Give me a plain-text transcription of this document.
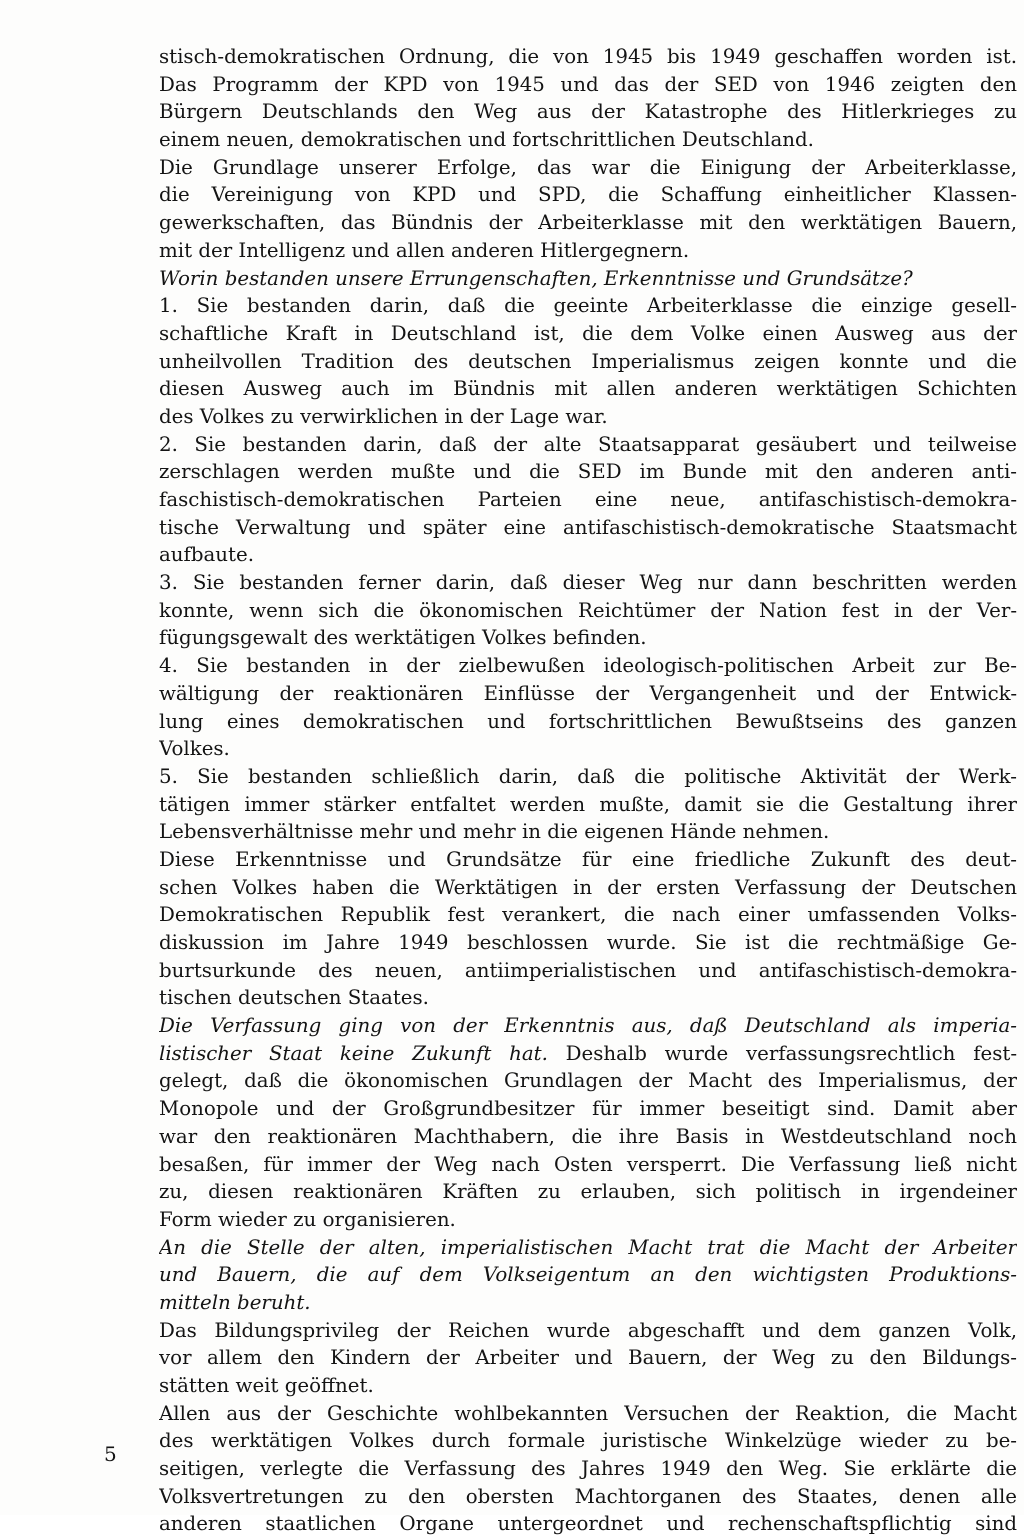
stisch-demokratischen Ordnung, die von 1945 bis 1949 geschaffen worden ist.
Das Programm der KPD von 1945 und das der SED von 1946 zeigten den
Bürgern Deutschlands den Weg aus der Katastrophe des Hitlerkrieges zu
einem neuen, demokratischen und fortschrittlichen Deutschland.
Die Grundlage unserer Erfolge, das war die Einigung der Arbeiterklasse,
die Vereinigung von KPD und SPD, die Schaffung einheitlicher Klassen-
gewerkschaften, das Bündnis der Arbeiterklasse mit den werktätigen Bauern,
mit der Intelligenz und allen anderen Hitlergegnern.
Worin bestanden unsere Errungenschaften, Erkenntnisse und Grundsätze?
1. Sie bestanden darin, daß die geeinte Arbeiterklasse die einzige gesell-
schaftliche Kraft in Deutschland ist, die dem Volke einen Ausweg aus der
unheilvollen Tradition des deutschen Imperialismus zeigen konnte und die
diesen Ausweg auch im Bündnis mit allen anderen werktätigen Schichten
des Volkes zu verwirklichen in der Lage war.
2. Sie bestanden darin, daß der alte Staatsapparat gesäubert und teilweise
zerschlagen werden mußte und die SED im Bunde mit den anderen anti-
faschistisch-demokratischen Parteien eine neue, antifaschistisch-demokra-
tische Verwaltung und später eine antifaschistisch-demokratische Staatsmacht
aufbaute.
3. Sie bestanden ferner darin, daß dieser Weg nur dann beschritten werden
konnte, wenn sich die ökonomischen Reichtümer der Nation fest in der Ver-
fügungsgewalt des werktätigen Volkes befinden.
4. Sie bestanden in der zielbewußen ideologisch-politischen Arbeit zur Be-
wältigung der reaktionären Einflüsse der Vergangenheit und der Entwick-
lung eines demokratischen und fortschrittlichen Bewußtseins des ganzen
Volkes.
5. Sie bestanden schließlich darin, daß die politische Aktivität der Werk-
tätigen immer stärker entfaltet werden mußte, damit sie die Gestaltung ihrer
Lebensverhältnisse mehr und mehr in die eigenen Hände nehmen.
Diese Erkenntnisse und Grundsätze für eine friedliche Zukunft des deut-
schen Volkes haben die Werktätigen in der ersten Verfassung der Deutschen
Demokratischen Republik fest verankert, die nach einer umfassenden Volks-
diskussion im Jahre 1949 beschlossen wurde. Sie ist die rechtmäßige Ge-
burtsurkunde des neuen, antiimperialistischen und antifaschistisch-demokra-
tischen deutschen Staates.
Die Verfassung ging von der Erkenntnis aus, daß Deutschland als imperia-
listischer Staat keine Zukunft hat. Deshalb wurde verfassungsrechtlich fest-
gelegt, daß die ökonomischen Grundlagen der Macht des Imperialismus, der
Monopole und der Großgrundbesitzer für immer beseitigt sind. Damit aber
war den reaktionären Machthabern, die ihre Basis in Westdeutschland noch
besaßen, für immer der Weg nach Osten versperrt. Die Verfassung ließ nicht
zu, diesen reaktionären Kräften zu erlauben, sich politisch in irgendeiner
Form wieder zu organisieren.
An die Stelle der alten, imperialistischen Macht trat die Macht der Arbeiter
und Bauern, die auf dem Volkseigentum an den wichtigsten Produktions-
mitteln beruht.
Das Bildungsprivileg der Reichen wurde abgeschafft und dem ganzen Volk,
vor allem den Kindern der Arbeiter und Bauern, der Weg zu den Bildungs-
stätten weit geöffnet.
Allen aus der Geschichte wohlbekannten Versuchen der Reaktion, die Macht
des werktätigen Volkes durch formale juristische Winkelzüge wieder zu be-
seitigen, verlegte die Verfassung des Jahres 1949 den Weg. Sie erklärte die
Volksvertretungen zu den obersten Machtorganen des Staates, denen alle
anderen staatlichen Organe untergeordnet und rechenschaftspflichtig sind
5
